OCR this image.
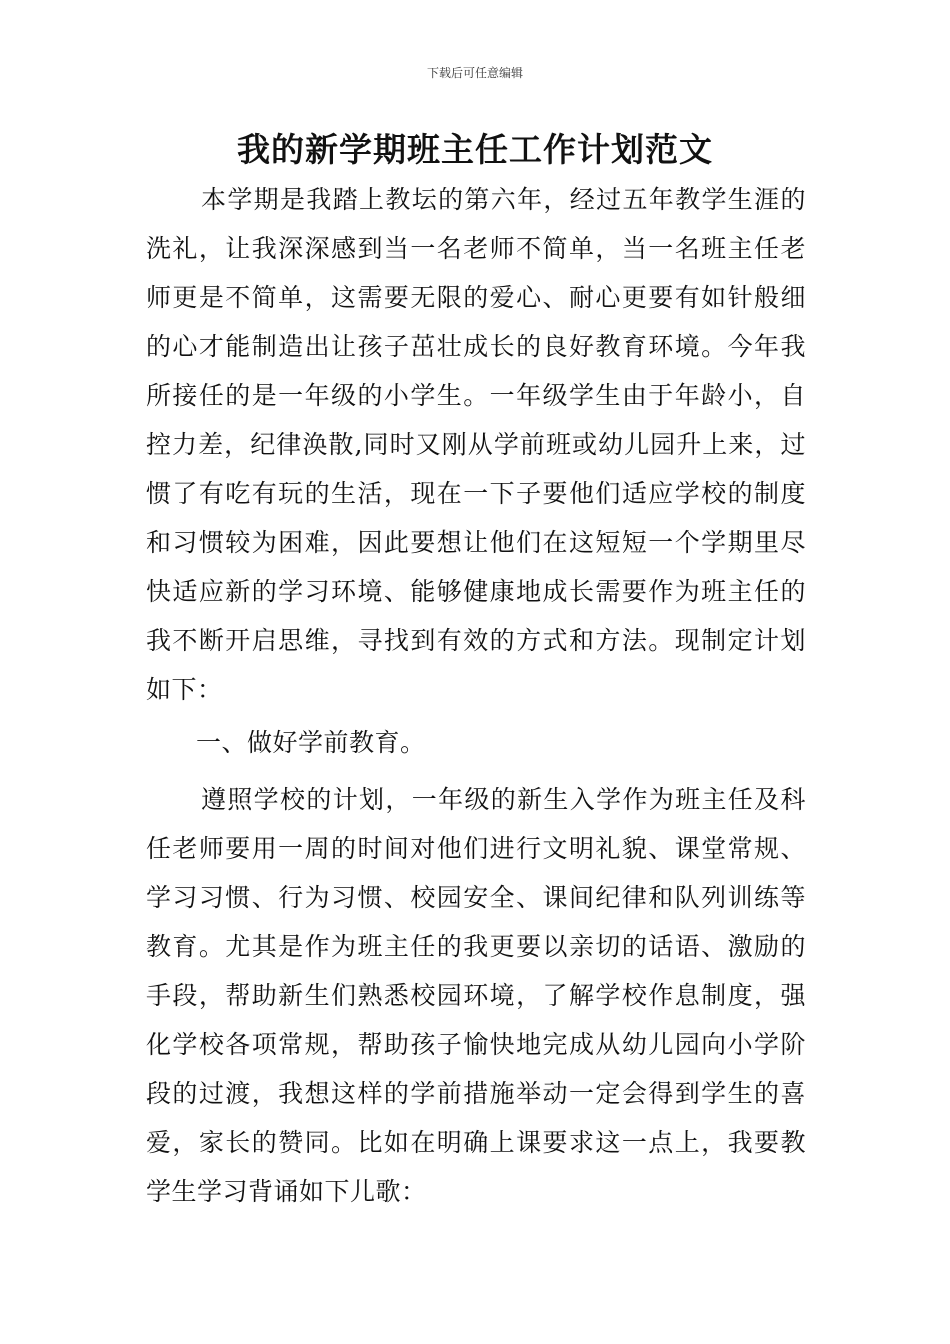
下载后可任意编辑
我的新学期班主任工作计划范文

本学期是我踏上教坛的第六年，经过五年教学生涯的洗礼，让我深深感到当一名老师不简单，当一名班主任老师更是不简单，这需要无限的爱心、耐心更要有如针般细的心才能制造出让孩子茁壮成长的良好教育环境。今年我所接任的是一年级的小学生。一年级学生由于年龄小，自控力差，纪律涣散,同时又刚从学前班或幼儿园升上来，过惯了有吃有玩的生活，现在一下子要他们适应学校的制度和习惯较为困难，因此要想让他们在这短短一个学期里尽快适应新的学习环境、能够健康地成长需要作为班主任的我不断开启思维，寻找到有效的方式和方法。现制定计划如下：

一、做好学前教育。

遵照学校的计划，一年级的新生入学作为班主任及科任老师要用一周的时间对他们进行文明礼貌、课堂常规、学习习惯、行为习惯、校园安全、课间纪律和队列训练等教育。尤其是作为班主任的我更要以亲切的话语、激励的手段，帮助新生们熟悉校园环境，了解学校作息制度，强化学校各项常规，帮助孩子愉快地完成从幼儿园向小学阶段的过渡，我想这样的学前措施举动一定会得到学生的喜爱，家长的赞同。比如在明确上课要求这一点上，我要教学生学习背诵如下儿歌：
